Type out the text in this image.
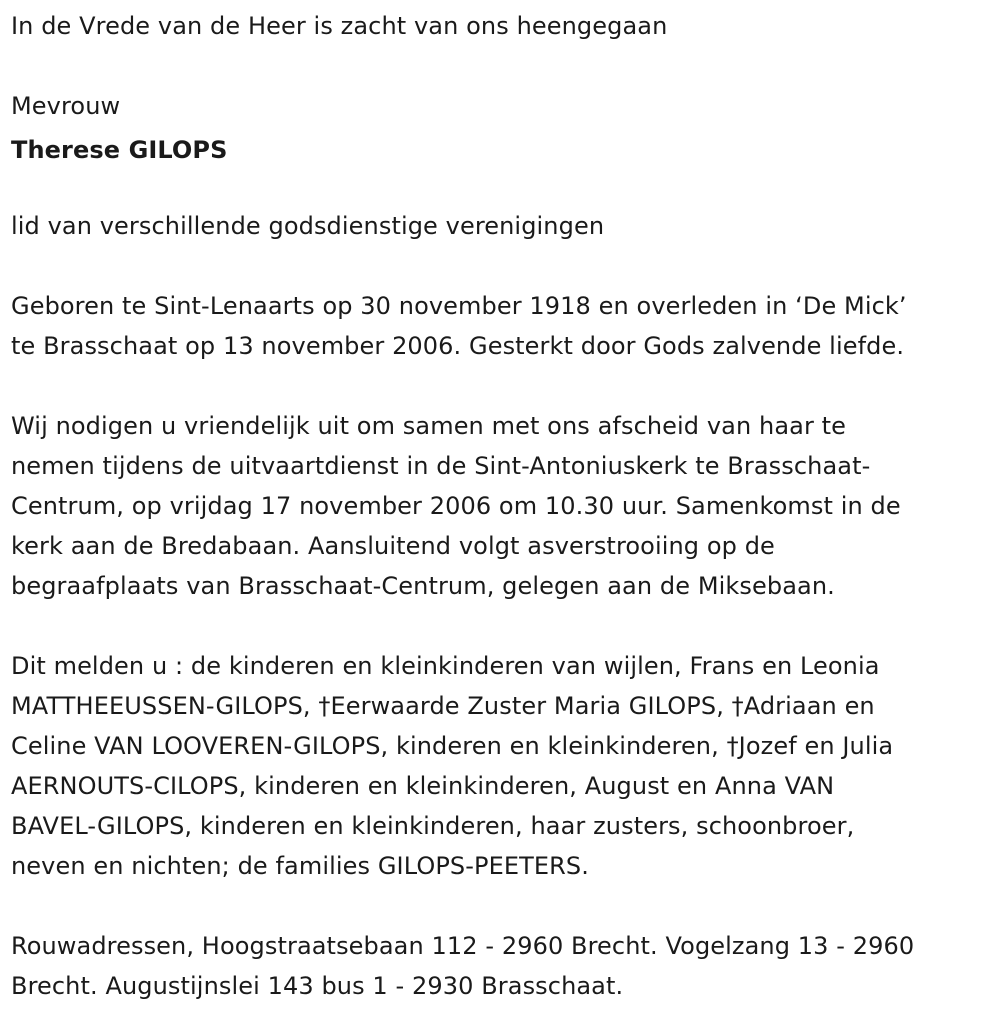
In de Vrede van de Heer is zacht van ons heengegaan

Mevrouw

Therese GILOPS

lid van verschillende godsdienstige verenigingen

Geboren te Sint-Lenaarts op 30 november 1918 en overleden in ‘De Mick’
te Brasschaat op 13 november 2006. Gesterkt door Gods zalvende liefde.
Wij nodigen u vriendelijk uit om samen met ons afscheid van haar te
nemen tijdens de uitvaartdienst in de Sint-Antoniuskerk te Brasschaat-
Centrum, op vrijdag 17 november 2006 om 10.30 uur. Samenkomst in de
kerk aan de Bredabaan. Aansluitend volgt asverstrooiing op de
begraafplaats van Brasschaat-Centrum, gelegen aan de Miksebaan.
Dit melden u : de kinderen en kleinkinderen van wijlen, Frans en Leonia
MATTHEEUSSEN-GILOPS, †Eerwaarde Zuster Maria GILOPS, †Adriaan en
Celine VAN LOOVEREN-GILOPS, kinderen en kleinkinderen, †Jozef en Julia
AERNOUTS-CILOPS, kinderen en kleinkinderen, August en Anna VAN
BAVEL-GILOPS, kinderen en kleinkinderen, haar zusters, schoonbroer,
neven en nichten; de families GILOPS-PEETERS.
Rouwadressen, Hoogstraatsebaan 112 - 2960 Brecht. Vogelzang 13 - 2960
Brecht. Augustijnslei 143 bus 1 - 2930 Brasschaat.
